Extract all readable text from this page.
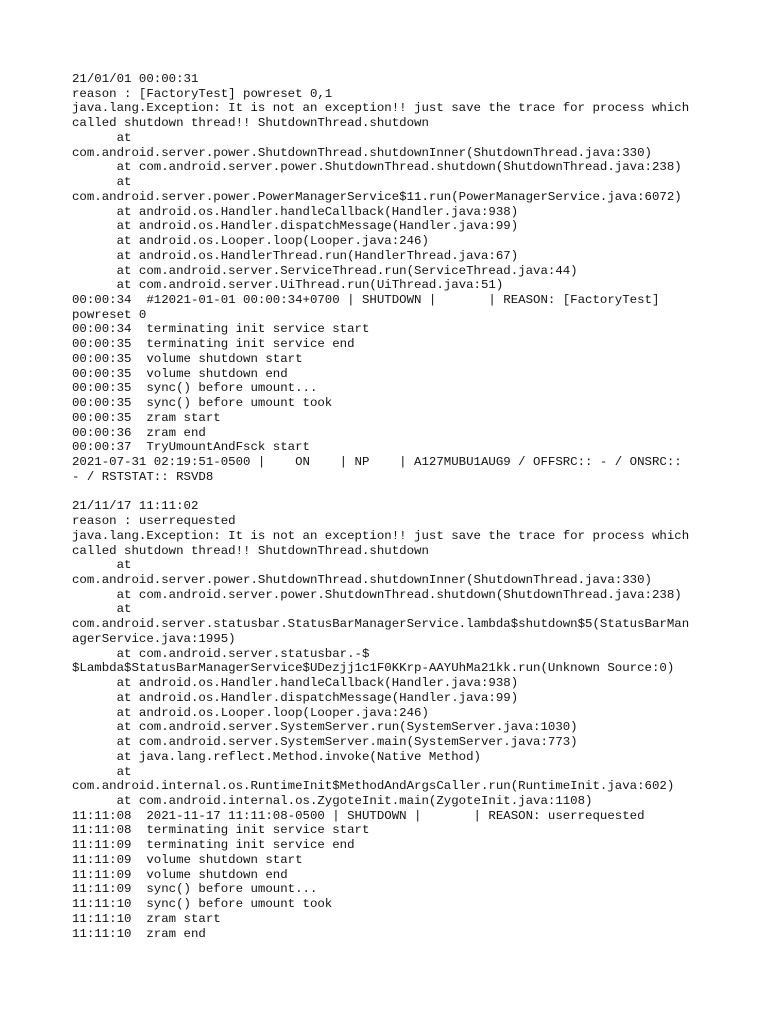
21/01/01 00:00:31
reason : [FactoryTest] powreset 0,1
java.lang.Exception: It is not an exception!! just save the trace for process which
called shutdown thread!! ShutdownThread.shutdown
at
com.android.server.power.ShutdownThread.shutdownInner(ShutdownThread.java:330)
at com.android.server.power.ShutdownThread.shutdown(ShutdownThread.java:238)
at
com.android.server.power.PowerManagerService$11.run(PowerManagerService.java:6072)
at android.os.Handler.handleCallback(Handler.java:938)
at android.os.Handler.dispatchMessage(Handler.java:99)
at android.os.Looper.loop(Looper.java:246)
at android.os.HandlerThread.run(HandlerThread.java:67)
at com.android.server.ServiceThread.run(ServiceThread.java:44)
at com.android.server.UiThread.run(UiThread.java:51)
00:00:34  #12021-01-01 00:00:34+0700 | SHUTDOWN |       | REASON: [FactoryTest]
powreset 0
00:00:34  terminating init service start
00:00:35  terminating init service end
00:00:35  volume shutdown start
00:00:35  volume shutdown end
00:00:35  sync() before umount...
00:00:35  sync() before umount took
00:00:35  zram start
00:00:36  zram end
00:00:37  TryUmountAndFsck start
2021-07-31 02:19:51-0500 |    ON    | NP    | A127MUBU1AUG9 / OFFSRC:: - / ONSRC::
- / RSTSTAT:: RSVD8
21/11/17 11:11:02
reason : userrequested
java.lang.Exception: It is not an exception!! just save the trace for process which
called shutdown thread!! ShutdownThread.shutdown
at
com.android.server.power.ShutdownThread.shutdownInner(ShutdownThread.java:330)
at com.android.server.power.ShutdownThread.shutdown(ShutdownThread.java:238)
at
com.android.server.statusbar.StatusBarManagerService.lambda$shutdown$5(StatusBarMan
agerService.java:1995)
at com.android.server.statusbar.-$
$Lambda$StatusBarManagerService$UDezjj1c1F0KKrp-AAYUhMa21kk.run(Unknown Source:0)
at android.os.Handler.handleCallback(Handler.java:938)
at android.os.Handler.dispatchMessage(Handler.java:99)
at android.os.Looper.loop(Looper.java:246)
at com.android.server.SystemServer.run(SystemServer.java:1030)
at com.android.server.SystemServer.main(SystemServer.java:773)
at java.lang.reflect.Method.invoke(Native Method)
at
com.android.internal.os.RuntimeInit$MethodAndArgsCaller.run(RuntimeInit.java:602)
at com.android.internal.os.ZygoteInit.main(ZygoteInit.java:1108)
11:11:08  2021-11-17 11:11:08-0500 | SHUTDOWN |       | REASON: userrequested
11:11:08  terminating init service start
11:11:09  terminating init service end
11:11:09  volume shutdown start
11:11:09  volume shutdown end
11:11:09  sync() before umount...
11:11:10  sync() before umount took
11:11:10  zram start
11:11:10  zram end
